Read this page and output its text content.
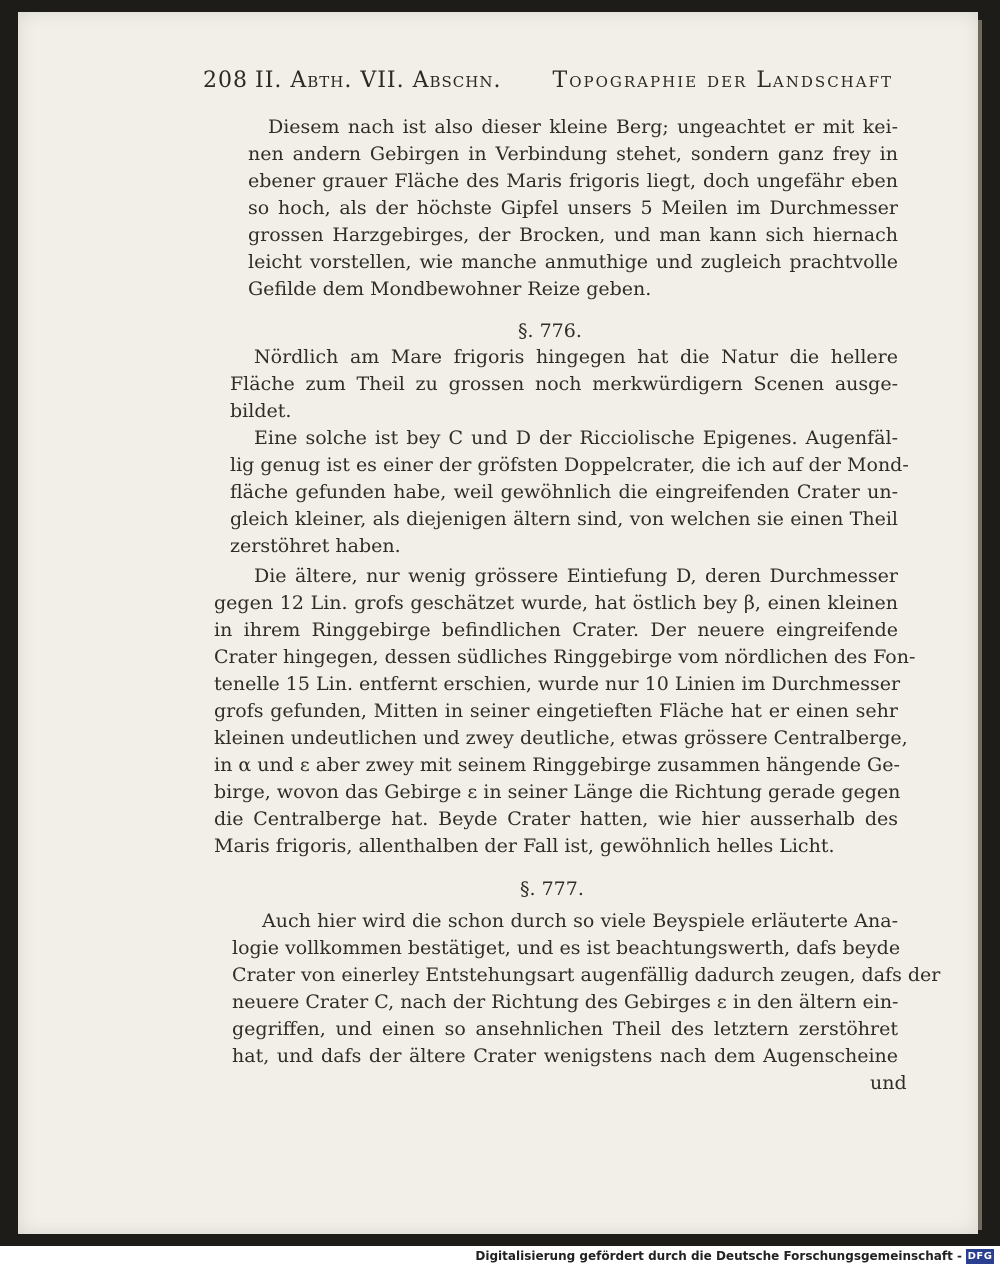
208 II. Abth. VII. Abschn. Topographie der Landschaft
Diesem nach ist also dieser kleine Berg; ungeachtet er mit kei-
nen andern Gebirgen in Verbindung stehet, sondern ganz frey in
ebener grauer Fläche des Maris frigoris liegt, doch ungefähr eben
so hoch, als der höchste Gipfel unsers 5 Meilen im Durchmesser
grossen Harzgebirges, der Brocken, und man kann sich hiernach
leicht vorstellen, wie manche anmuthige und zugleich prachtvolle
Gefilde dem Mondbewohner Reize geben.
§. 776.
Nördlich am Mare frigoris hingegen hat die Natur die hellere
Fläche zum Theil zu grossen noch merkwürdigern Scenen ausge-
bildet.
Eine solche ist bey C und D der Ricciolische Epigenes. Augenfäl-
lig genug ist es einer der gröfsten Doppelcrater, die ich auf der Mond-
fläche gefunden habe, weil gewöhnlich die eingreifenden Crater un-
gleich kleiner, als diejenigen ältern sind, von welchen sie einen Theil
zerstöhret haben.
Die ältere, nur wenig grössere Eintiefung D, deren Durchmesser
gegen 12 Lin. grofs geschätzet wurde, hat östlich bey β, einen kleinen
in ihrem Ringgebirge befindlichen Crater. Der neuere eingreifende
Crater hingegen, dessen südliches Ringgebirge vom nördlichen des Fon-
tenelle 15 Lin. entfernt erschien, wurde nur 10 Linien im Durchmesser
grofs gefunden, Mitten in seiner eingetieften Fläche hat er einen sehr
kleinen undeutlichen und zwey deutliche, etwas grössere Centralberge,
in α und ε aber zwey mit seinem Ringgebirge zusammen hängende Ge-
birge, wovon das Gebirge ε in seiner Länge die Richtung gerade gegen
die Centralberge hat. Beyde Crater hatten, wie hier ausserhalb des
Maris frigoris, allenthalben der Fall ist, gewöhnlich helles Licht.
§. 777.
Auch hier wird die schon durch so viele Beyspiele erläuterte Ana-
logie vollkommen bestätiget, und es ist beachtungswerth, dafs beyde
Crater von einerley Entstehungsart augenfällig dadurch zeugen, dafs der
neuere Crater C, nach der Richtung des Gebirges ε in den ältern ein-
gegriffen, und einen so ansehnlichen Theil des letztern zerstöhret
hat, und dafs der ältere Crater wenigstens nach dem Augenscheine
und
Digitalisierung gefördert durch die Deutsche Forschungsgemeinschaft - DFG
